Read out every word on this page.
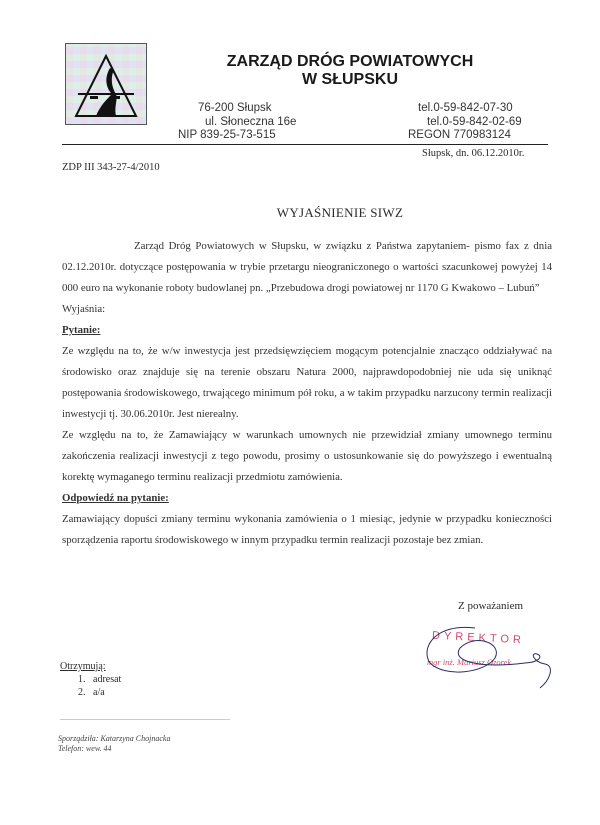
ZARZĄD DRÓG POWIATOWYCH
W SŁUPSKU
76-200 Słupsk
ul. Słoneczna 16e
NIP 839-25-73-515
tel.0-59-842-07-30
tel.0-59-842-02-69
REGON 770983124
Słupsk, dn. 06.12.2010r.
ZDP III 343-27-4/2010
WYJAŚNIENIE SIWZ

Zarząd Dróg Powiatowych w Słupsku, w związku z Państwa zapytaniem- pismo fax z dnia 02.12.2010r. dotyczące postępowania w trybie przetargu nieograniczonego o wartości szacunkowej powyżej 14 000 euro na wykonanie roboty budowlanej pn. „Przebudowa drogi powiatowej nr 1170 G Kwakowo – Lubuń”

Wyjaśnia:

Pytanie:

Ze względu na to, że w/w inwestycja jest przedsięwzięciem mogącym potencjalnie znacząco oddziaływać na środowisko oraz znajduje się na terenie obszaru Natura 2000, najprawdopodobniej nie uda się uniknąć postępowania środowiskowego, trwającego minimum pół roku, a w takim przypadku narzucony termin realizacji inwestycji tj. 30.06.2010r. Jest nierealny.

Ze względu na to, że Zamawiający w warunkach umownych nie przewidział zmiany umownego terminu zakończenia realizacji inwestycji z tego powodu, prosimy o ustosunkowanie się do powyższego i ewentualną korektę wymaganego terminu realizacji przedmiotu zamówienia.

Odpowiedź na pytanie:

Zamawiający dopuści zmiany terminu wykonania zamówienia o 1 miesiąc, jedynie w przypadku konieczności sporządzenia raportu środowiskowego w innym przypadku termin realizacji pozostaje bez zmian.

Z poważaniem
DYREKTOR
mgr inż. Mariusz Ozorek
Otrzymują:
1.   adresat
2.   a/a
Sporządziła: Katarzyna Chojnacka
Telefon: wew. 44
